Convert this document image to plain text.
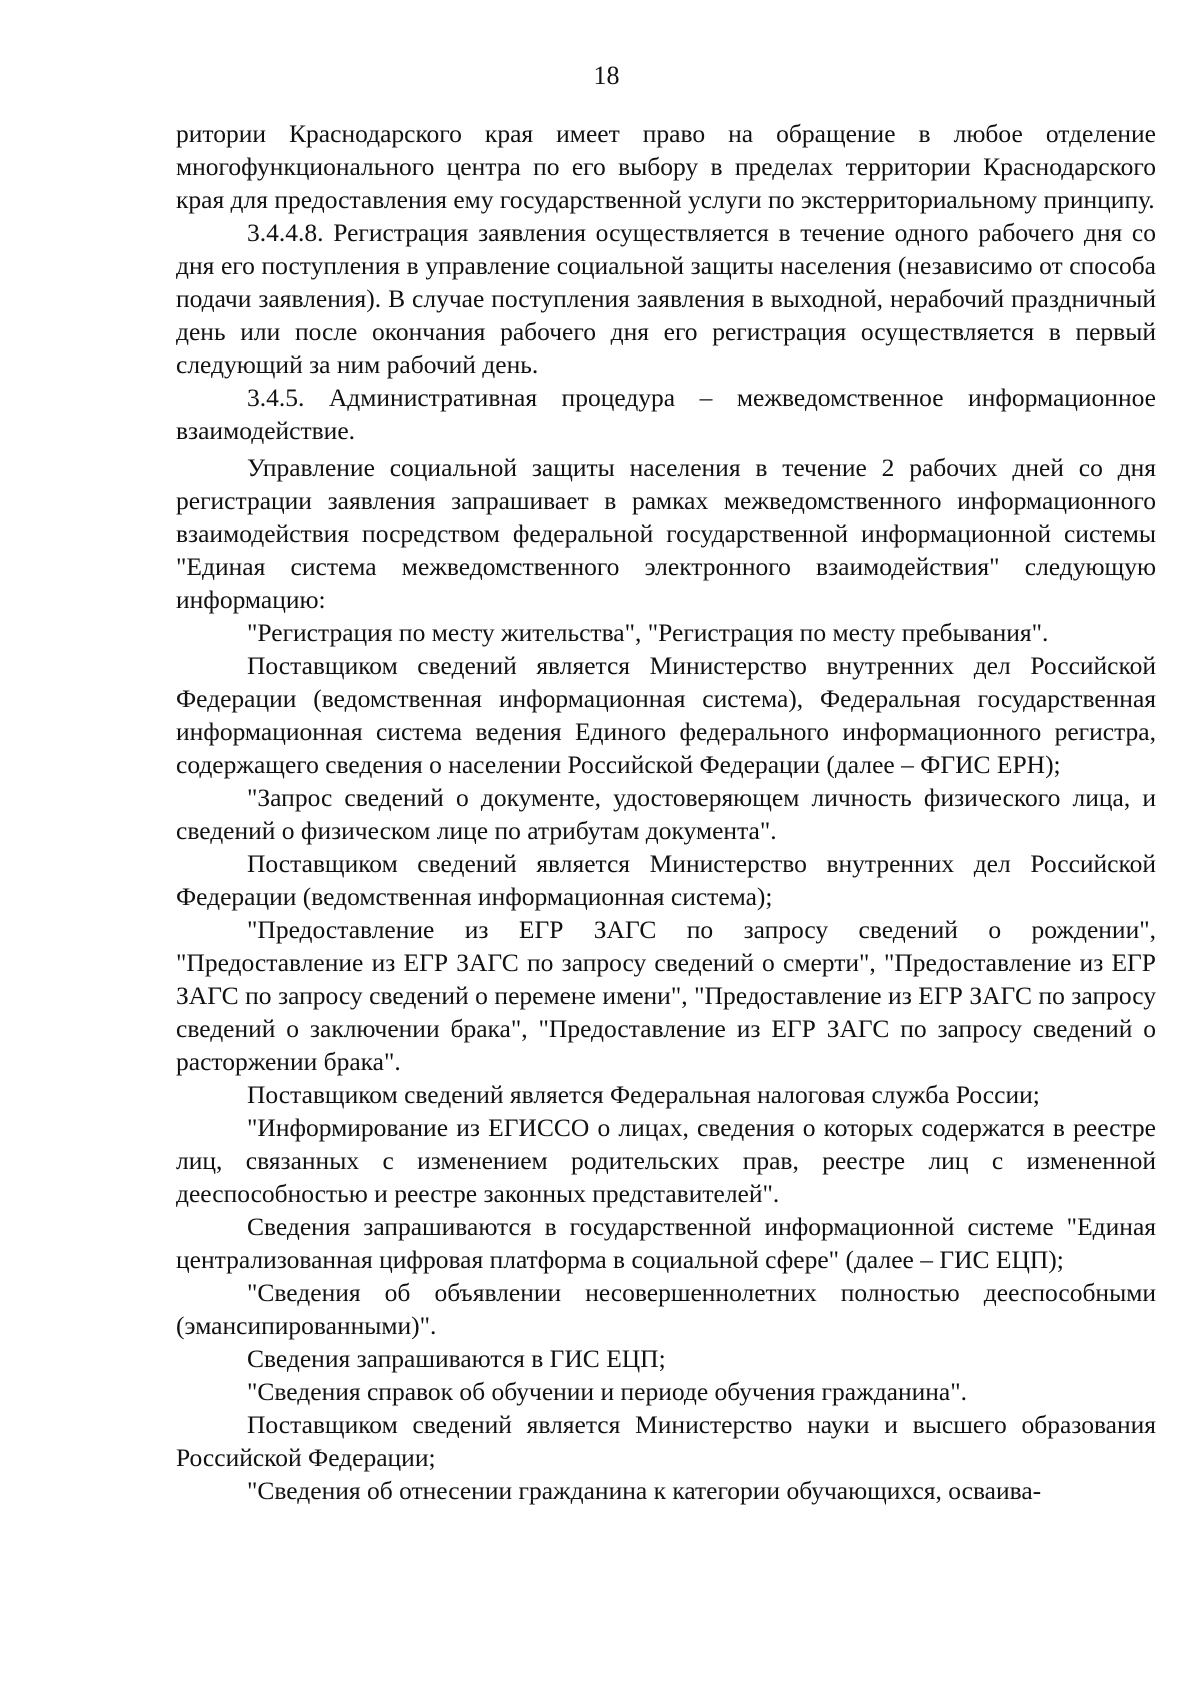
18

ритории Краснодарского края имеет право на обращение в любое отделение многофункционального центра по его выбору в пределах территории Краснодарского края для предоставления ему государственной услуги по экстерриториальному принципу.

3.4.4.8. Регистрация заявления осуществляется в течение одного рабочего дня со дня его поступления в управление социальной защиты населения (независимо от способа подачи заявления). В случае поступления заявления в выходной, нерабочий праздничный день или после окончания рабочего дня его регистрация осуществляется в первый следующий за ним рабочий день.

3.4.5. Административная процедура – межведомственное информационное взаимодействие.

Управление социальной защиты населения в течение 2 рабочих дней со дня регистрации заявления запрашивает в рамках межведомственного информационного взаимодействия посредством федеральной государственной информационной системы "Единая система межведомственного электронного взаимодействия" следующую информацию:

"Регистрация по месту жительства", "Регистрация по месту пребывания".

Поставщиком сведений является Министерство внутренних дел Российской Федерации (ведомственная информационная система), Федеральная государственная информационная система ведения Единого федерального информационного регистра, содержащего сведения о населении Российской Федерации (далее – ФГИС ЕРН);

"Запрос сведений о документе, удостоверяющем личность физического лица, и сведений о физическом лице по атрибутам документа".

Поставщиком сведений является Министерство внутренних дел Российской Федерации (ведомственная информационная система);

"Предоставление из ЕГР ЗАГС по запросу сведений о рождении", "Предоставление из ЕГР ЗАГС по запросу сведений о смерти", "Предоставление из ЕГР ЗАГС по запросу сведений о перемене имени", "Предоставление из ЕГР ЗАГС по запросу сведений о заключении брака", "Предоставление из ЕГР ЗАГС по запросу сведений о расторжении брака".

Поставщиком сведений является Федеральная налоговая служба России;

"Информирование из ЕГИССО о лицах, сведения о которых содержатся в реестре лиц, связанных с изменением родительских прав, реестре лиц с измененной дееспособностью и реестре законных представителей".

Сведения запрашиваются в государственной информационной системе "Единая централизованная цифровая платформа в социальной сфере" (далее – ГИС ЕЦП);

"Сведения об объявлении несовершеннолетних полностью дееспособными (эмансипированными)".

Сведения запрашиваются в ГИС ЕЦП;

"Сведения справок об обучении и периоде обучения гражданина".

Поставщиком сведений является Министерство науки и высшего образования Российской Федерации;

"Сведения об отнесении гражданина к категории обучающихся, осваива-
